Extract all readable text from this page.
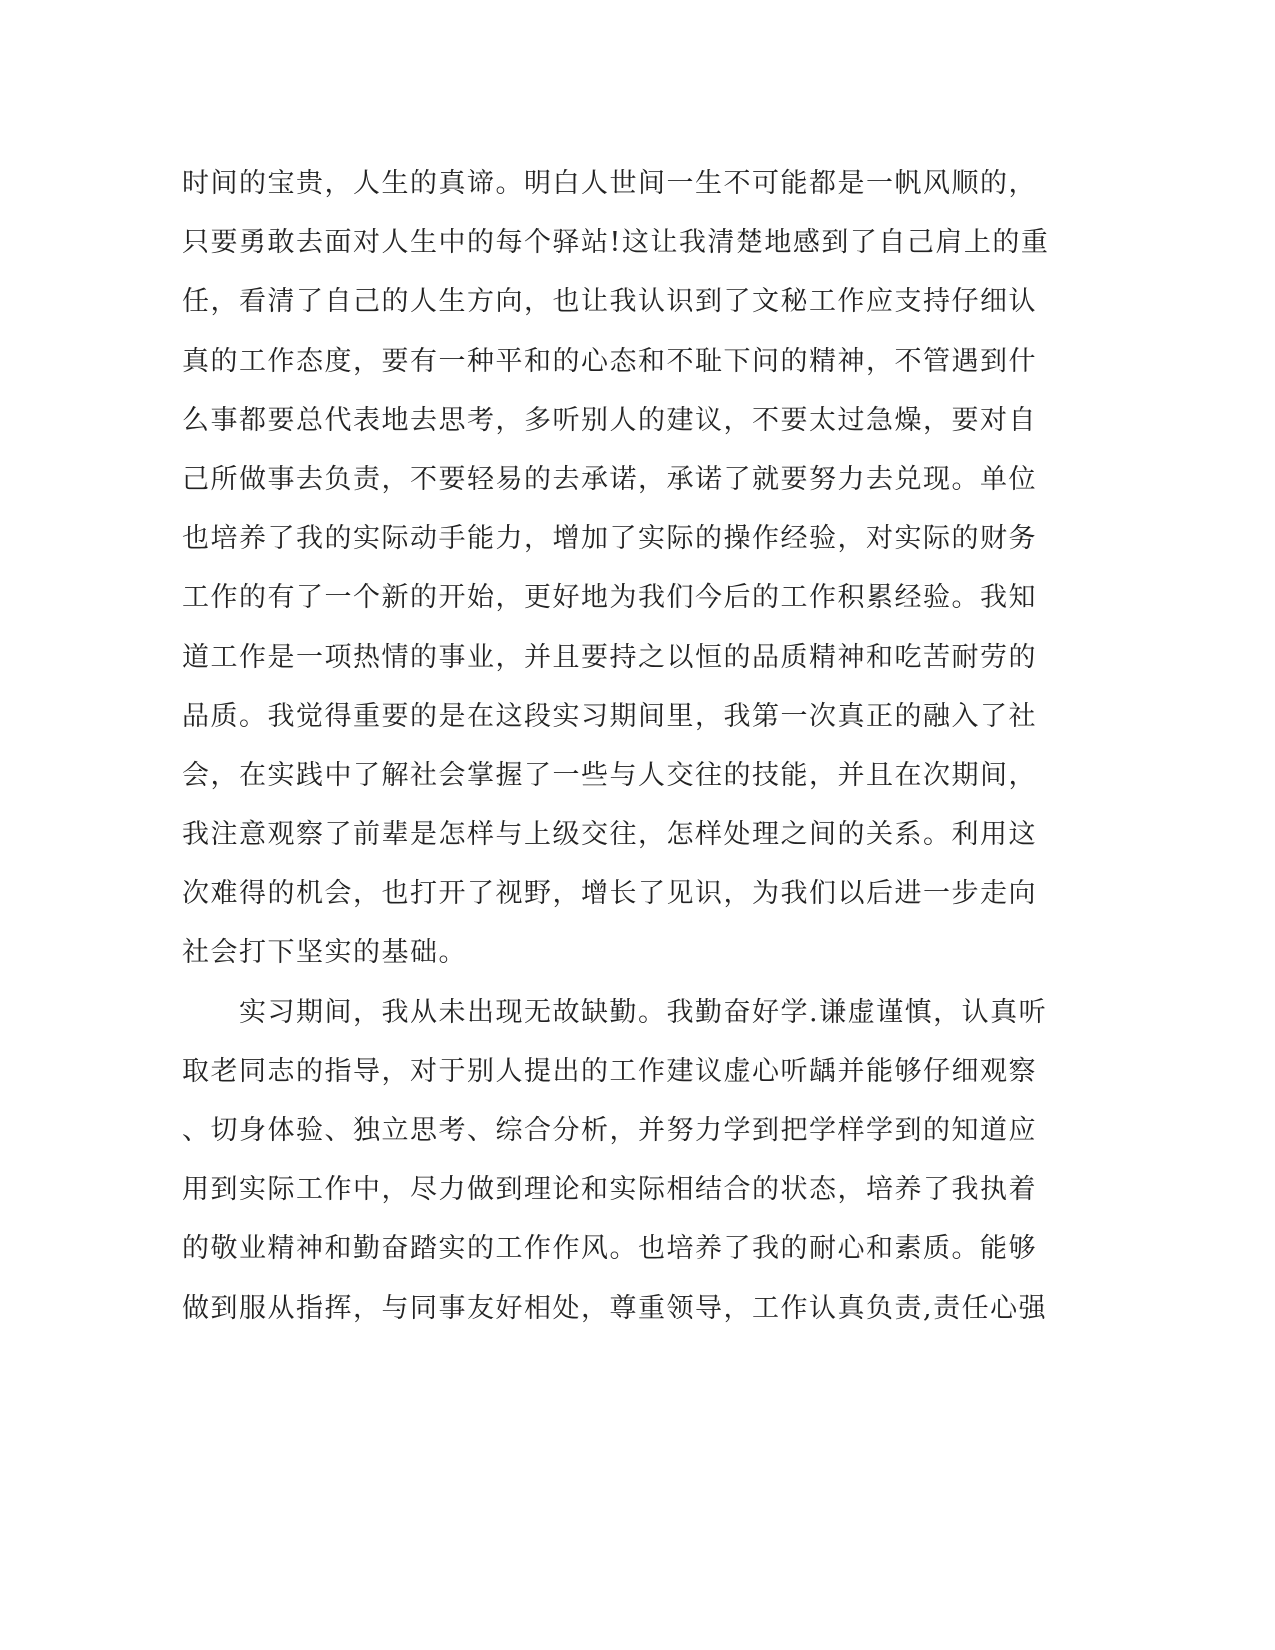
时间的宝贵，人生的真谛。明白人世间一生不可能都是一帆风顺的，
只要勇敢去面对人生中的每个驿站!这让我清楚地感到了自己肩上的重
任，看清了自己的人生方向，也让我认识到了文秘工作应支持仔细认
真的工作态度，要有一种平和的心态和不耻下问的精神，不管遇到什
么事都要总代表地去思考，多听别人的建议，不要太过急燥，要对自
己所做事去负责，不要轻易的去承诺，承诺了就要努力去兑现。单位
也培养了我的实际动手能力，增加了实际的操作经验，对实际的财务
工作的有了一个新的开始，更好地为我们今后的工作积累经验。我知
道工作是一项热情的事业，并且要持之以恒的品质精神和吃苦耐劳的
品质。我觉得重要的是在这段实习期间里，我第一次真正的融入了社
会，在实践中了解社会掌握了一些与人交往的技能，并且在次期间，
我注意观察了前辈是怎样与上级交往，怎样处理之间的关系。利用这
次难得的机会，也打开了视野，增长了见识，为我们以后进一步走向
社会打下坚实的基础。
　　实习期间，我从未出现无故缺勤。我勤奋好学.谦虚谨慎，认真听
取老同志的指导，对于别人提出的工作建议虚心听龋并能够仔细观察
、切身体验、独立思考、综合分析，并努力学到把学样学到的知道应
用到实际工作中，尽力做到理论和实际相结合的状态，培养了我执着
的敬业精神和勤奋踏实的工作作风。也培养了我的耐心和素质。能够
做到服从指挥，与同事友好相处，尊重领导，工作认真负责,责任心强
